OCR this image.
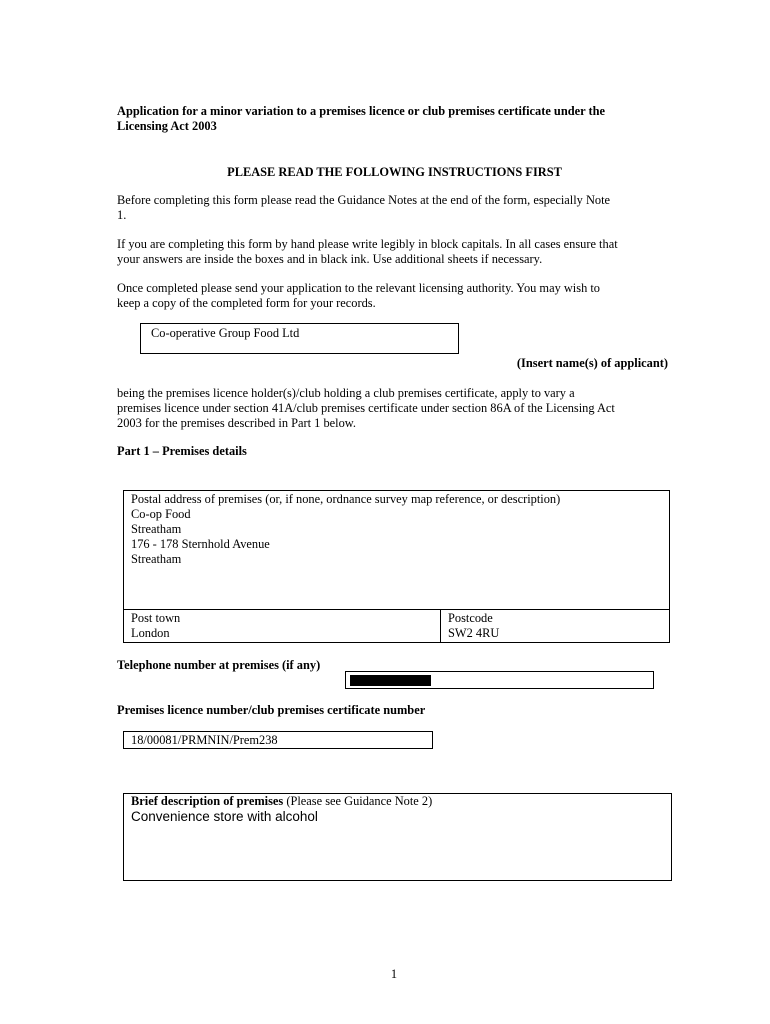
Application for a minor variation to a premises licence or club premises certificate under the
Licensing Act 2003
PLEASE READ THE FOLLOWING INSTRUCTIONS FIRST
Before completing this form please read the Guidance Notes at the end of the form, especially Note
1.
If you are completing this form by hand please write legibly in block capitals. In all cases ensure that
your answers are inside the boxes and in black ink. Use additional sheets if necessary.
Once completed please send your application to the relevant licensing authority. You may wish to
keep a copy of the completed form for your records.
Co-operative Group Food Ltd
(Insert name(s) of applicant)
being the premises licence holder(s)/club holding a club premises certificate, apply to vary a
premises licence under section 41A/club premises certificate under section 86A of the Licensing Act
2003 for the premises described in Part 1 below.
Part 1 – Premises details
Postal address of premises (or, if none, ordnance survey map reference, or description)
Co-op Food
Streatham
176 - 178 Sternhold Avenue
Streatham
Post town
London
Postcode
SW2 4RU
Telephone number at premises (if any)
Premises licence number/club premises certificate number
18/00081/PRMNIN/Prem238
Brief description of premises (Please see Guidance Note 2)
Convenience store with alcohol
1
